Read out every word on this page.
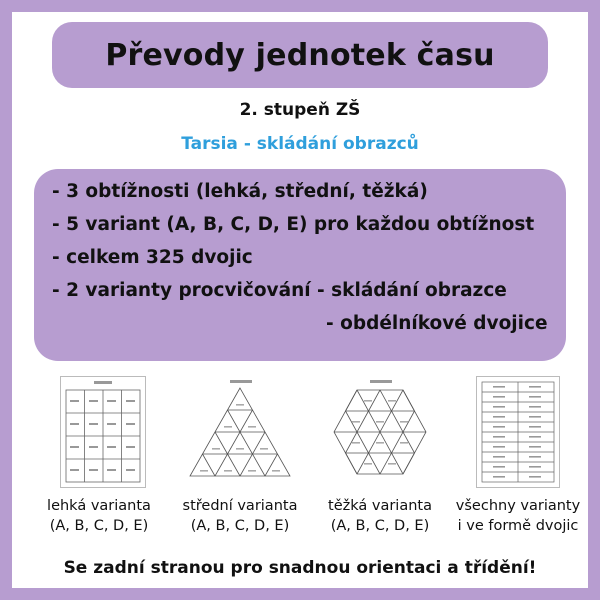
Převody jednotek času
2. stupeň ZŠ
Tarsia - skládání obrazců
- 3 obtížnosti (lehká, střední, těžká)
- 5 variant (A, B, C, D, E) pro každou obtížnost
- celkem 325 dvojic
- 2 varianty procvičování - skládání obrazce
- obdélníkové dvojice
lehká varianta
(A, B, C, D, E)
střední varianta
(A, B, C, D, E)
těžká varianta
(A, B, C, D, E)
všechny varianty
i ve formě dvojic
Se zadní stranou pro snadnou orientaci a třídění!
